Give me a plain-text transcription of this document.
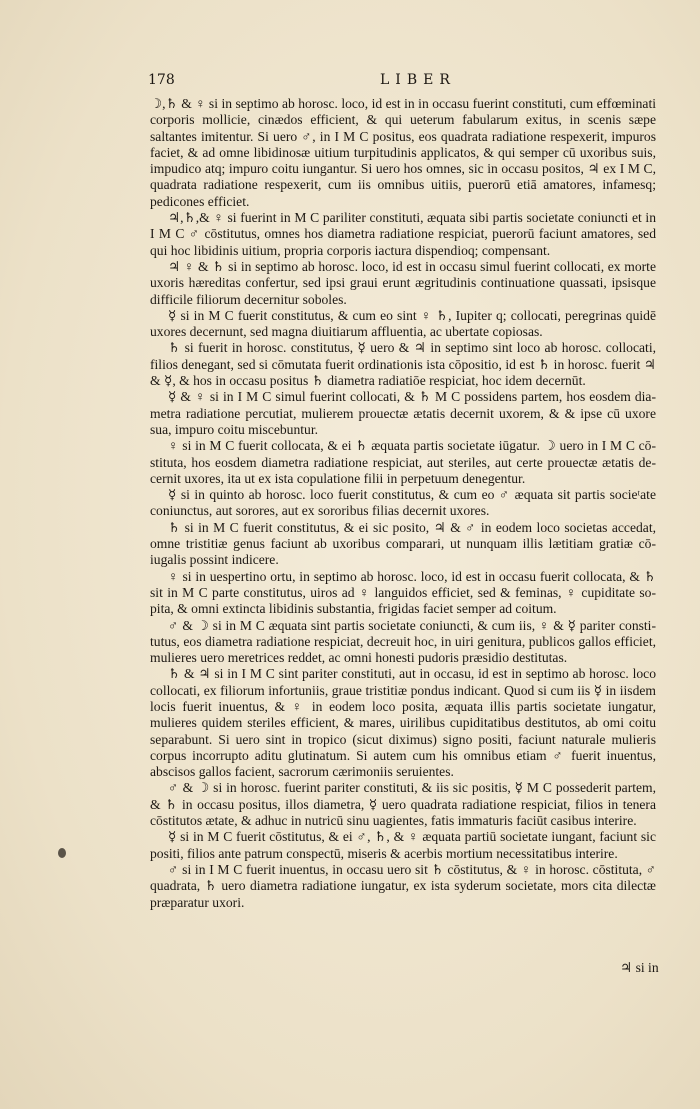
178	LIBER

☽,♄ & ♀ si in septimo ab horosc. loco, id est in in occasu fuerint constituti, cum effœminati corporis mollicie, cinædos efficient, & qui ueterum fabularum exitus, in scenis sæpe saltantes imitentur. Si uero ♂, in I M C positus, eos quadrata radiatione respexerit, impuros faciet, & ad omne libidinosæ uitium turpitudinis applicatos, & qui semper cū uxoribus suis, impudico atq; impuro coitu iungantur. Si uero hos omnes, sic in occasu positos, ♃ ex I M C, quadrata radiatione respexerit, cum iis omnibus uitiis, puerorū etiā amatores, infamesq; pedicones efficiet.

♃,♄,& ♀ si fuerint in M C pariliter constituti, æquata sibi partis societate coniuncti et in I M C ♂ cōstitutus, omnes hos diametra radiatione respiciat, puerorū faciunt amatores, sed qui hoc libidinis uitium, propria corporis iactura dispendioq; compensant.

♃ ♀ & ♄ si in septimo ab horosc. loco, id est in occasu simul fuerint collocati, ex morte uxoris hæreditas confertur, sed ipsi graui erunt ægritudinis continuatione quassati, ipsisque difficile filiorum decernitur soboles.

☿ si in M C fuerit constitutus, & cum eo sint ♀ ♄, Iupiter q; collocati, peregrinas quidē uxores decernunt, sed magna diuitiarum affluentia, ac ubertate copiosas.

♄ si fuerit in horosc. constitutus, ☿ uero & ♃ in septimo sint loco ab horosc. collocati, filios denegant, sed si cōmutata fuerit ordinationis ista cōpositio, id est ♄ in horosc. fuerit ♃ & ☿, & hos in occasu positus ♄ diametra radiatiōe respiciat, hoc idem decernūt.

☿ & ♀ si in I M C simul fuerint collocati, & ♄ M C possidens partem, hos eosdem diametra radiatione percutiat, mulierem prouectæ ætatis decernit uxorem, & & ipse cū uxore sua, impuro coitu miscebuntur.

♀ si in M C fuerit collocata, & ei ♄ æquata partis societate iūgatur. ☽ uero in I M C cōstituta, hos eosdem diametra radiatione respiciat, aut steriles, aut certe prouectæ ætatis decernit uxores, ita ut ex ista copulatione filii in perpetuum denegentur.

☿ si in quinto ab horosc. loco fuerit constitutus, & cum eo ♂ æquata sit partis socieᵗate coniunctus, aut sorores, aut ex sororibus filias decernit uxores.

♄ si in M C fuerit constitutus, & ei sic posito, ♃ & ♂ in eodem loco societas accedat, omne tristitiæ genus faciunt ab uxoribus comparari, ut nunquam illis lætitiam gratiæ cōiugalis possint indicere.

♀ si in uespertino ortu, in septimo ab horosc. loco, id est in occasu fuerit collocata, & ♄ sit in M C parte constitutus, uiros ad ♀ languidos efficiet, sed & feminas, ♀ cupiditate sopita, & omni extincta libidinis substantia, frigidas faciet semper ad coitum.

♂ & ☽ si in M C æquata sint partis societate coniuncti, & cum iis, ♀ & ☿ pariter constitutus, eos diametra radiatione respiciat, decreuit hoc, in uiri genitura, publicos gallos efficiet, mulieres uero meretrices reddet, ac omni honesti pudoris præsidio destitutas.

♄ & ♃ si in I M C sint pariter constituti, aut in occasu, id est in septimo ab horosc. loco collocati, ex filiorum infortuniis, graue tristitiæ pondus indicant. Quod si cum iis ☿ in iisdem locis fuerit inuentus, & ♀ in eodem loco posita, æquata illis partis societate iungatur, mulieres quidem steriles efficient, & mares, uirilibus cupiditatibus destitutos, ab omi coitu separabunt. Si uero sint in tropico (sicut diximus) signo positi, faciunt naturale mulieris corpus incorrupto aditu glutinatum. Si autem cum his omnibus etiam ♂ fuerit inuentus, abscisos gallos facient, sacrorum cærimoniis seruientes.

♂ & ☽ si in horosc. fuerint pariter constituti, & iis sic positis, ☿ M C possederit partem, & ♄ in occasu positus, illos diametra, ☿ uero quadrata radiatione respiciat, filios in tenera cōstitutos ætate, & adhuc in nutricū sinu uagientes, fatis immaturis faciūt casibus interire.

☿ si in M C fuerit cōstitutus, & ei ♂, ♄, & ♀ æquata partiū societate iungant, faciunt sic positi, filios ante patrum conspectū, miseris & acerbis mortium necessitatibus interire.

♂ si in I M C fuerit inuentus, in occasu uero sit ♄ cōstitutus, & ♀ in horosc. cōstituta, ♂ quadrata, ♄ uero diametra radiatione iungatur, ex ista syderum societate, mors cita dilectæ præparatur uxori.

♃ si in
